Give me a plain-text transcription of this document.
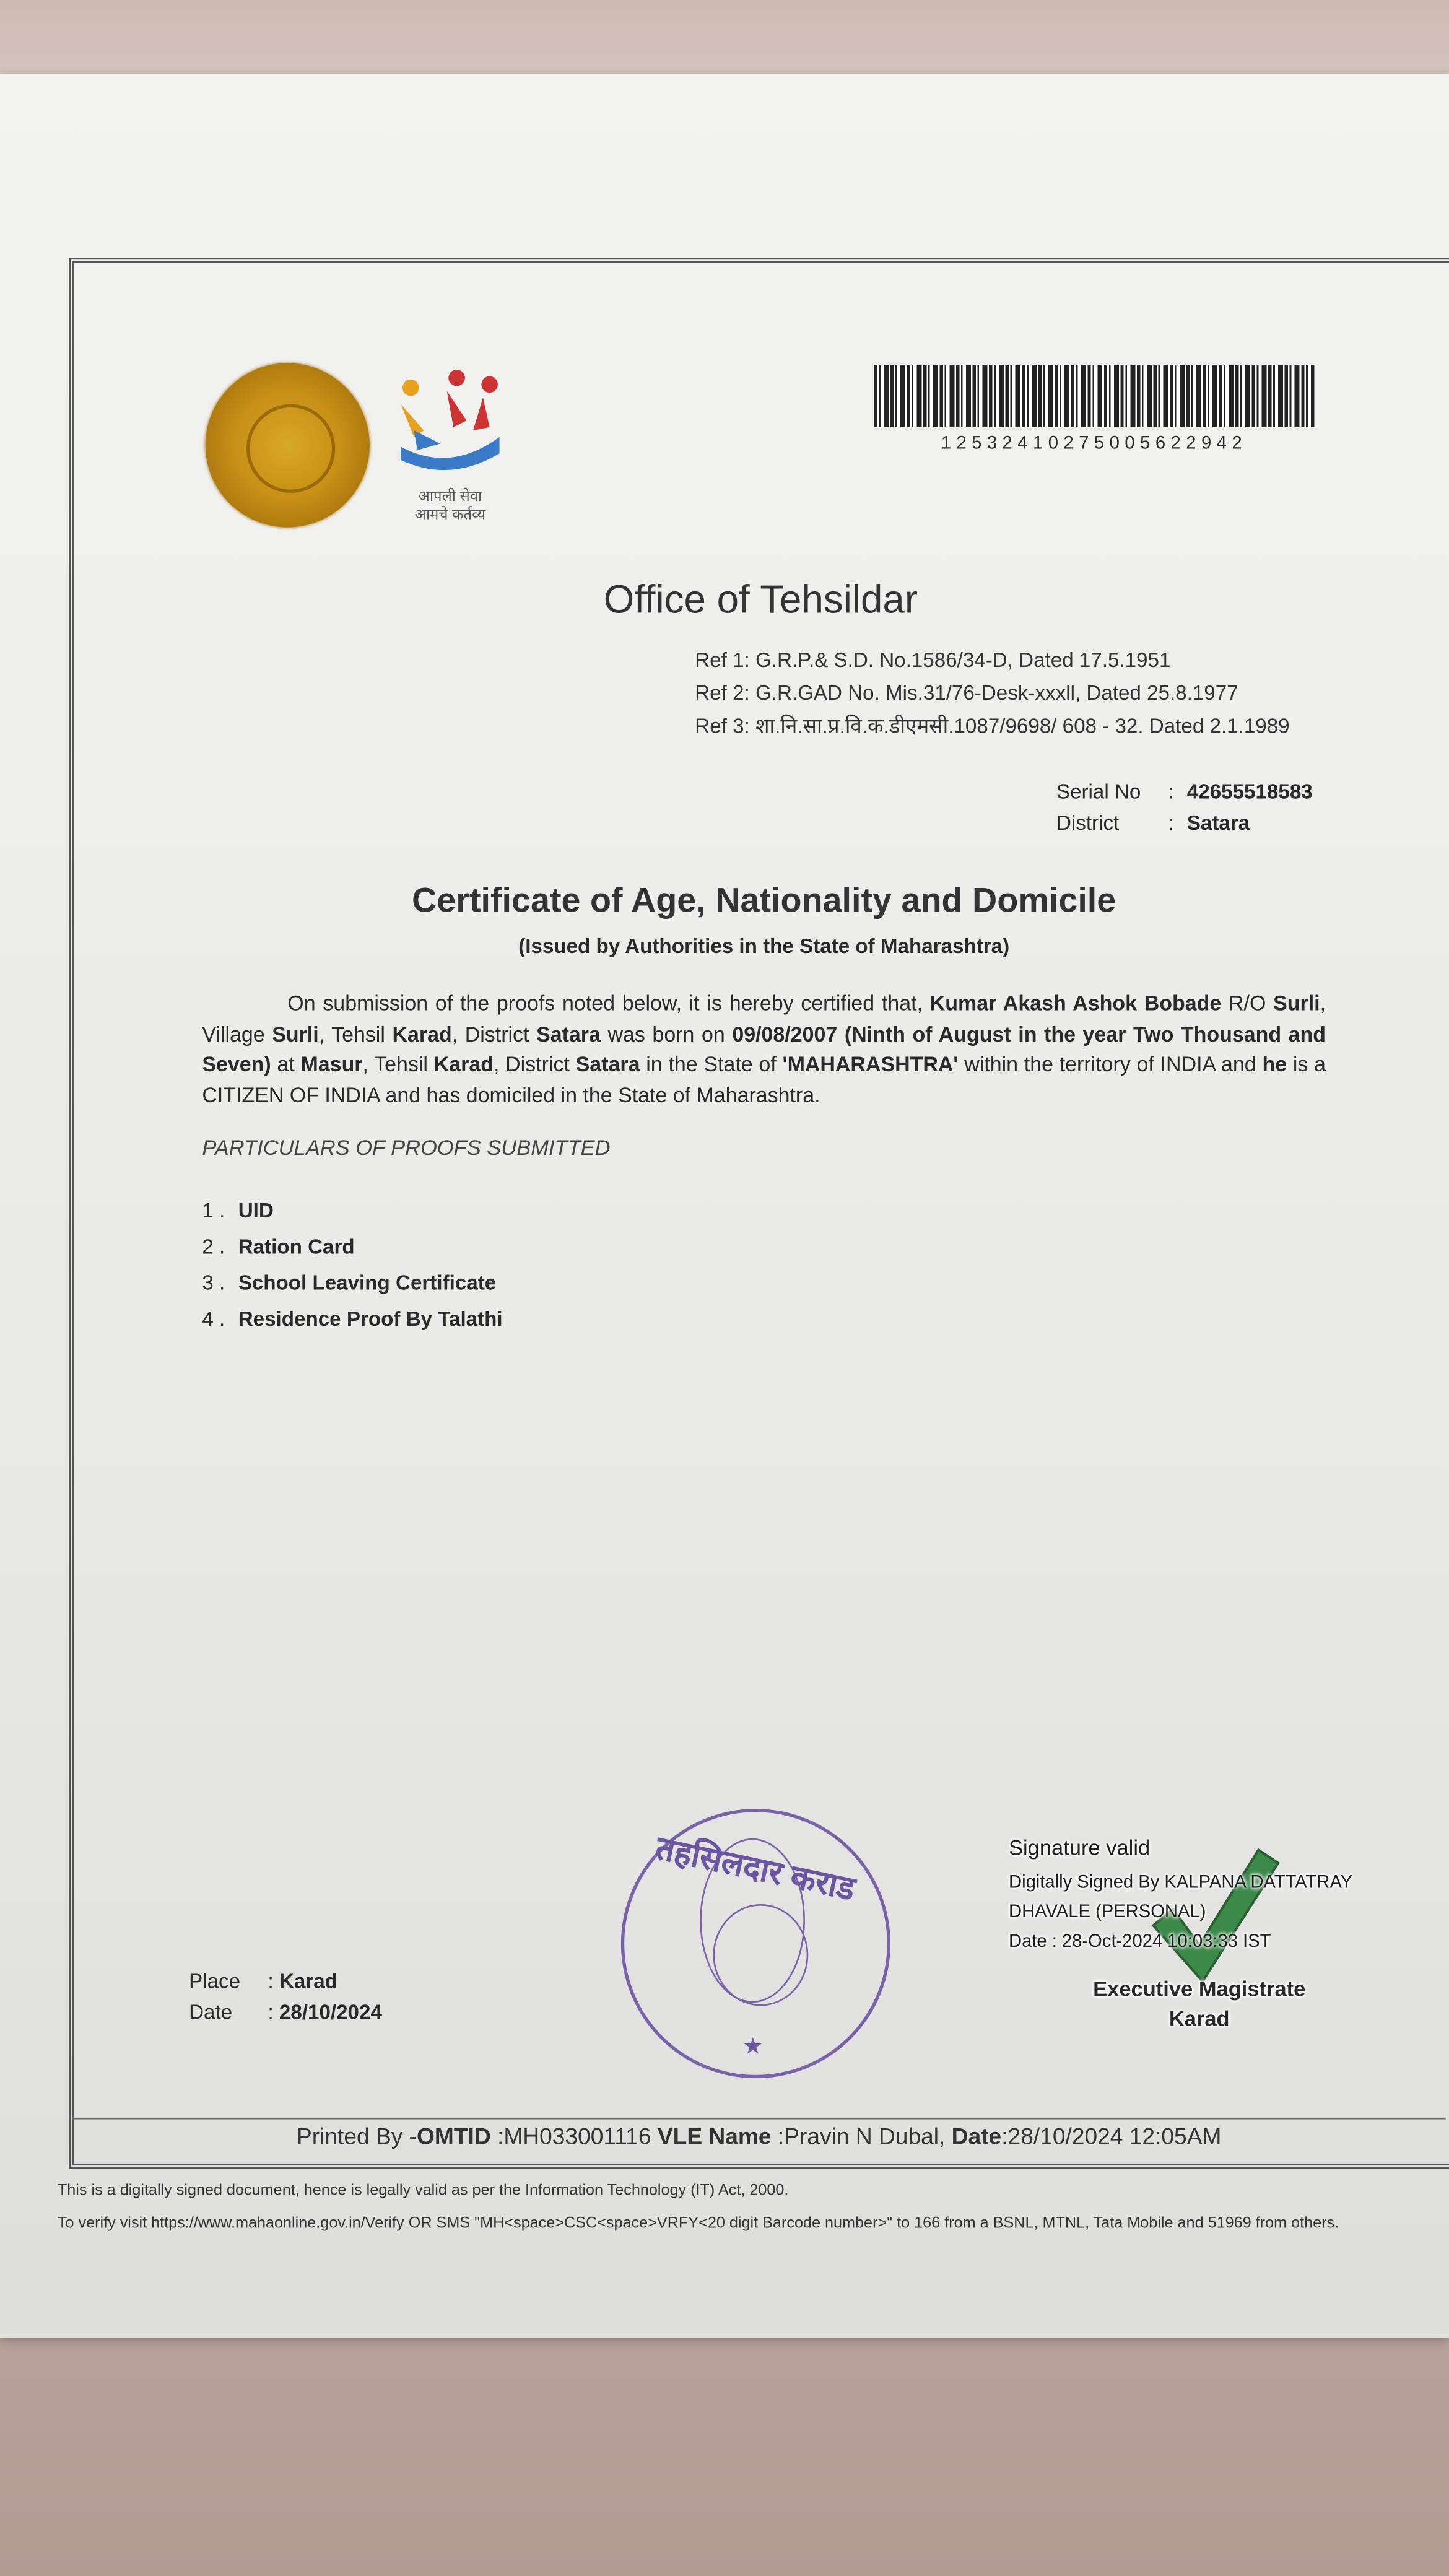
आपली सेवा
आमचे कर्तव्य
12532410275005622942
Office of Tehsildar
Ref 1: G.R.P.& S.D. No.1586/34-D, Dated 17.5.1951
Ref 2: G.R.GAD No. Mis.31/76-Desk-xxxll, Dated 25.8.1977
Ref 3: शा.नि.सा.प्र.वि.क.डीएमसी.1087/9698/ 608 - 32. Dated 2.1.1989
Serial No	: 42655518583
District	: Satara
Certificate of Age, Nationality and Domicile
(Issued by Authorities in the State of Maharashtra)
On submission of the proofs noted below, it is hereby certified that, Kumar Akash Ashok Bobade R/O Surli, Village Surli, Tehsil Karad, District Satara was born on 09/08/2007 (Ninth of August in the year Two Thousand and Seven) at Masur, Tehsil Karad, District Satara in the State of 'MAHARASHTRA' within the territory of INDIA and he is a CITIZEN OF INDIA and has domiciled in the State of Maharashtra.
PARTICULARS OF PROOFS SUBMITTED
1 . UID
2 . Ration Card
3 . School Leaving Certificate
4 . Residence Proof By Talathi
तहसिलदार कराड
★
Place	: Karad
Date	: 28/10/2024
Signature valid
Digitally Signed By KALPANA DATTATRAY
DHAVALE (PERSONAL)
Date : 28-Oct-2024 10:03:33 IST
Executive Magistrate
Karad
Printed By -OMTID :MH033001116 VLE Name :Pravin N Dubal, Date:28/10/2024 12:05AM
This is a digitally signed document, hence is legally valid as per the Information Technology (IT) Act, 2000.
To verify visit https://www.mahaonline.gov.in/Verify OR SMS "MH<space>CSC<space>VRFY<20 digit Barcode number>" to 166 from a BSNL, MTNL, Tata Mobile and 51969 from others.
